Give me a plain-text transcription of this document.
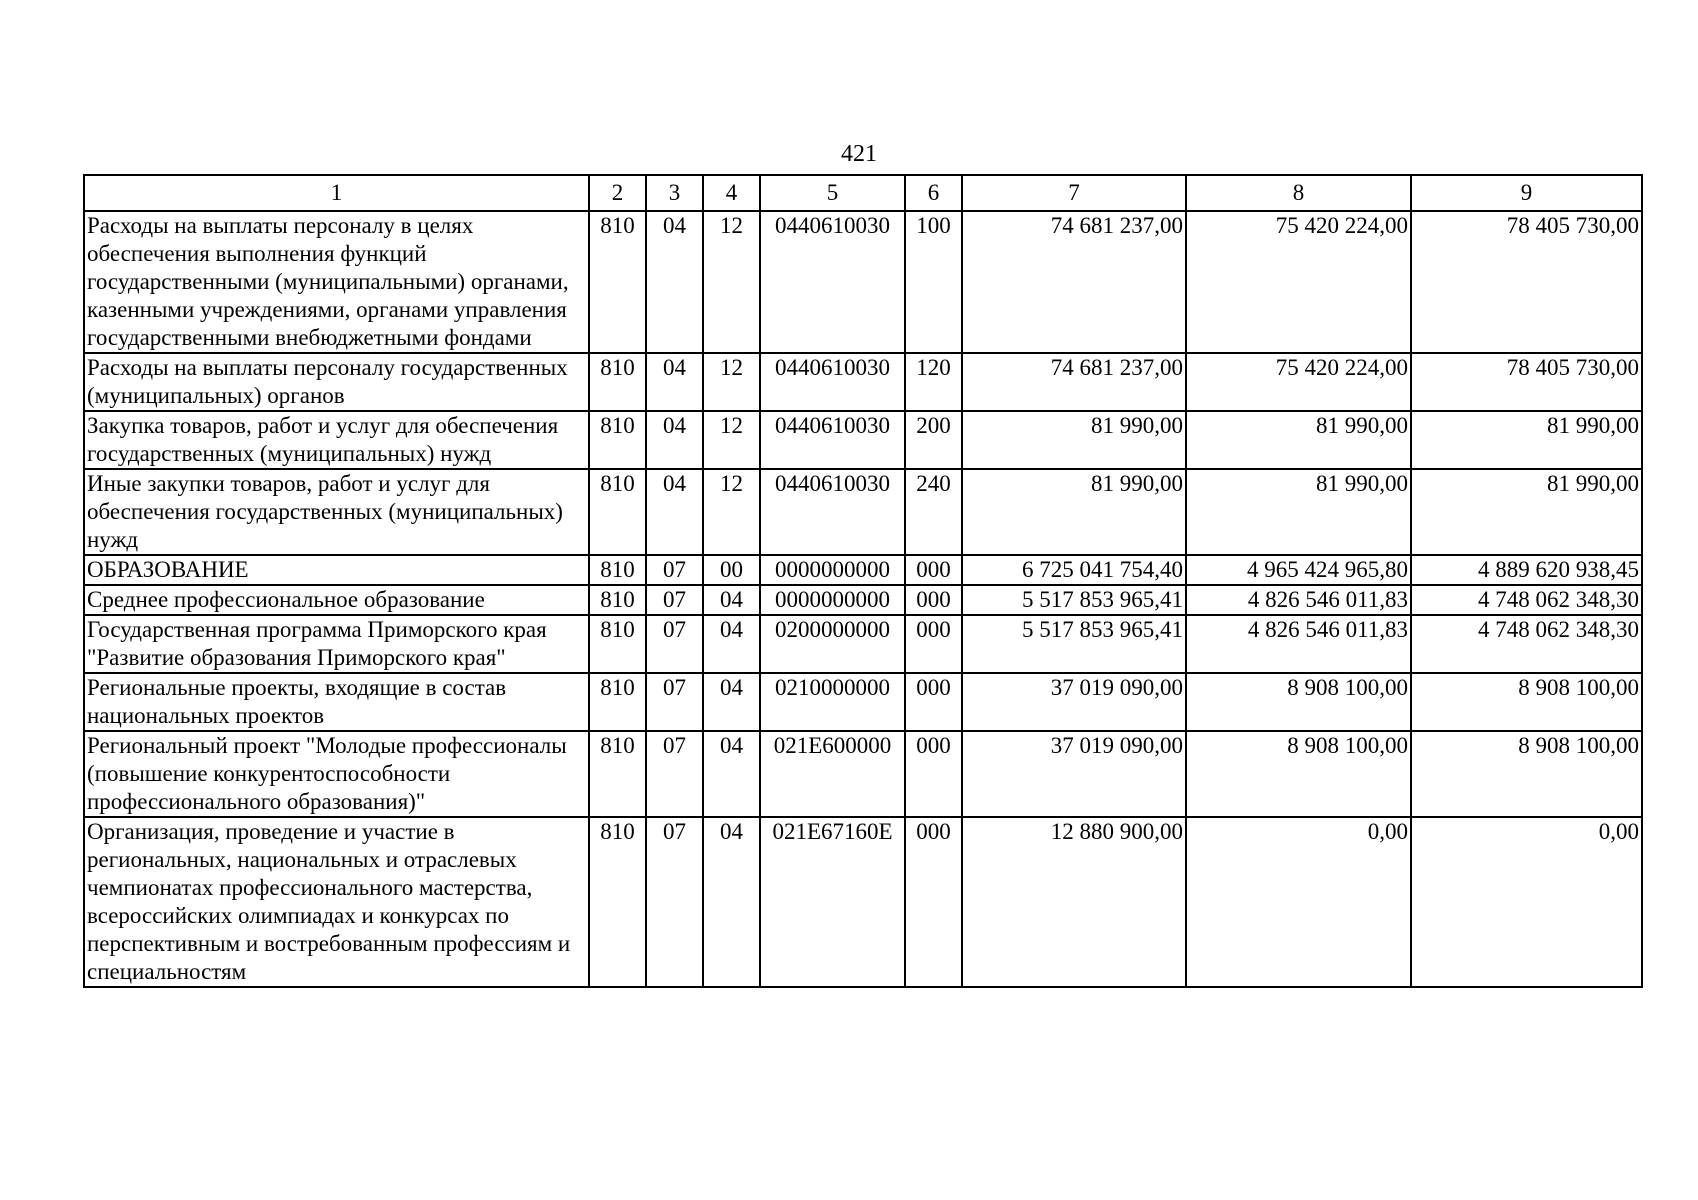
421
1	2	3	4	5	6	7	8	9
Расходы на выплаты персоналу в целях обеспечения выполнения функций государственными (муниципальными) органами, казенными учреждениями, органами управления государственными внебюджетными фондами	810	04	12	0440610030	100	74 681 237,00	75 420 224,00	78 405 730,00
Расходы на выплаты персоналу государственных (муниципальных) органов	810	04	12	0440610030	120	74 681 237,00	75 420 224,00	78 405 730,00
Закупка товаров, работ и услуг для обеспечения государственных (муниципальных) нужд	810	04	12	0440610030	200	81 990,00	81 990,00	81 990,00
Иные закупки товаров, работ и услуг для обеспечения государственных (муниципальных) нужд	810	04	12	0440610030	240	81 990,00	81 990,00	81 990,00
ОБРАЗОВАНИЕ	810	07	00	0000000000	000	6 725 041 754,40	4 965 424 965,80	4 889 620 938,45
Среднее профессиональное образование	810	07	04	0000000000	000	5 517 853 965,41	4 826 546 011,83	4 748 062 348,30
Государственная программа Приморского края "Развитие образования Приморского края"	810	07	04	0200000000	000	5 517 853 965,41	4 826 546 011,83	4 748 062 348,30
Региональные проекты, входящие в состав национальных проектов	810	07	04	0210000000	000	37 019 090,00	8 908 100,00	8 908 100,00
Региональный проект "Молодые профессионалы (повышение конкурентоспособности профессионального образования)"	810	07	04	021E600000	000	37 019 090,00	8 908 100,00	8 908 100,00
Организация, проведение и участие в региональных, национальных и отраслевых чемпионатах профессионального мастерства, всероссийских олимпиадах и конкурсах по перспективным и востребованным профессиям и специальностям	810	07	04	021E67160E	000	12 880 900,00	0,00	0,00
